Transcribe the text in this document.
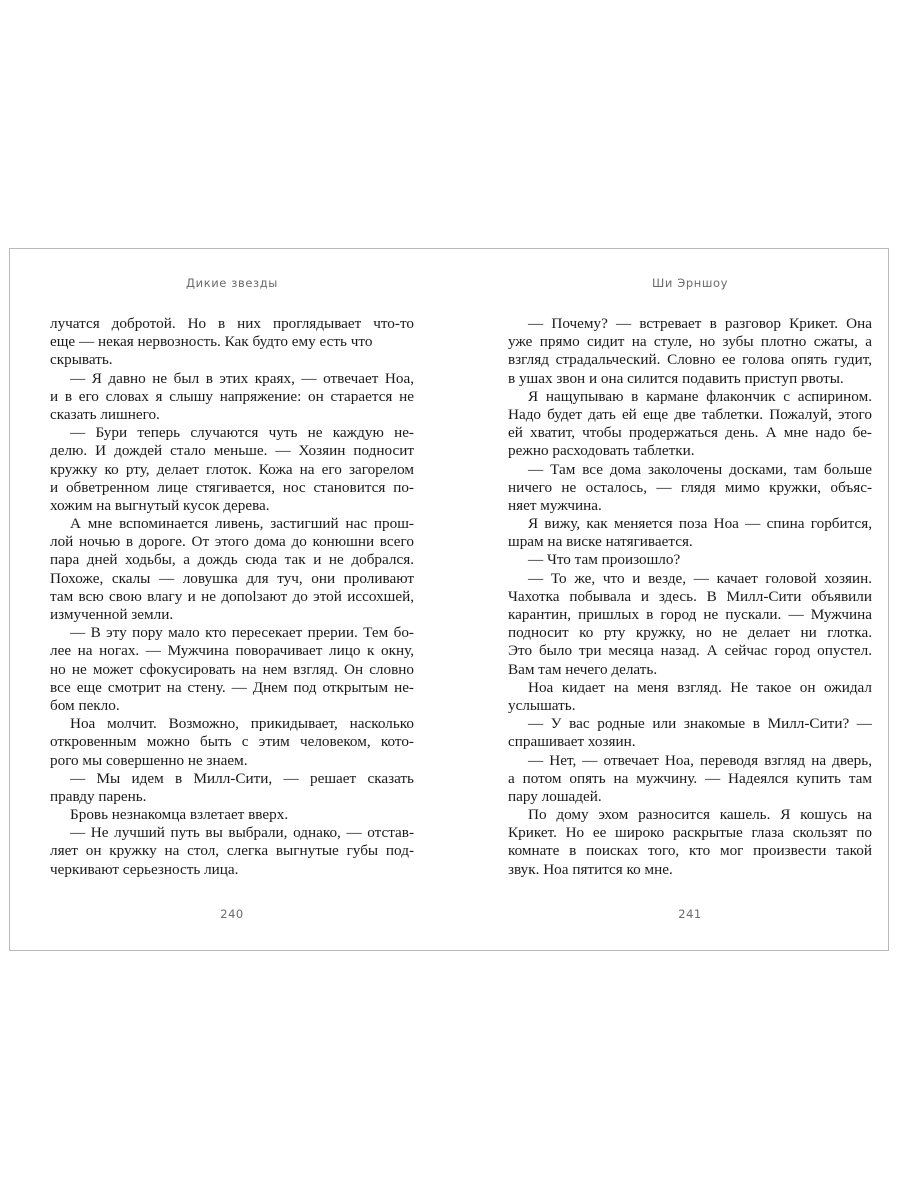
Дикие звезды
лучатся добротой. Но в них проглядывает что-то
еще — некая нервозность. Как будто ему есть что
скрывать.
— Я давно не был в этих краях, — отвечает Ноа,
и в его словах я слышу напряжение: он старается не
сказать лишнего.
— Бури теперь случаются чуть не каждую не-
делю. И дождей стало меньше. — Хозяин подносит
кружку ко рту, делает глоток. Кожа на его загорелом
и обветренном лице стягивается, нос становится по-
хожим на выгнутый кусок дерева.
А мне вспоминается ливень, застигший нас прош-
лой ночью в дороге. От этого дома до конюшни всего
пара дней ходьбы, а дождь сюда так и не добрался.
Похоже, скалы — ловушка для туч, они проливают
там всю свою влагу и не допolзают до этой иссохшей,
измученной земли.
— В эту пору мало кто пересекает прерии. Тем бо-
лее на ногах. — Мужчина поворачивает лицо к окну,
но не может сфокусировать на нем взгляд. Он словно
все еще смотрит на стену. — Днем под открытым не-
бом пекло.
Ноа молчит. Возможно, прикидывает, насколько
откровенным можно быть с этим человеком, кото-
рого мы совершенно не знаем.
— Мы идем в Милл-Сити, — решает сказать
правду парень.
Бровь незнакомца взлетает вверх.
— Не лучший путь вы выбрали, однако, — отстав-
ляет он кружку на стол, слегка выгнутые губы под-
черкивают серьезность лица.
240
Ши Эрншоу
— Почему? — встревает в разговор Крикет. Она
уже прямо сидит на стуле, но зубы плотно сжаты, а
взгляд страдальческий. Словно ее голова опять гудит,
в ушах звон и она силится подавить приступ рвоты.
Я нащупываю в кармане флакончик с аспирином.
Надо будет дать ей еще две таблетки. Пожалуй, этого
ей хватит, чтобы продержаться день. А мне надо бе-
режно расходовать таблетки.
— Там все дома заколочены досками, там больше
ничего не осталось, — глядя мимо кружки, объяс-
няет мужчина.
Я вижу, как меняется поза Ноа — спина горбится,
шрам на виске натягивается.
— Что там произошло?
— То же, что и везде, — качает головой хозяин.
Чахотка побывала и здесь. В Милл-Сити объявили
карантин, пришлых в город не пускали. — Мужчина
подносит ко рту кружку, но не делает ни глотка.
Это было три месяца назад. А сейчас город опустел.
Вам там нечего делать.
Ноа кидает на меня взгляд. Не такое он ожидал
услышать.
— У вас родные или знакомые в Милл-Сити? —
спрашивает хозяин.
— Нет, — отвечает Ноа, переводя взгляд на дверь,
а потом опять на мужчину. — Надеялся купить там
пару лошадей.
По дому эхом разносится кашель. Я кошусь на
Крикет. Но ее широко раскрытые глаза скользят по
комнате в поисках того, кто мог произвести такой
звук. Ноа пятится ко мне.
241
